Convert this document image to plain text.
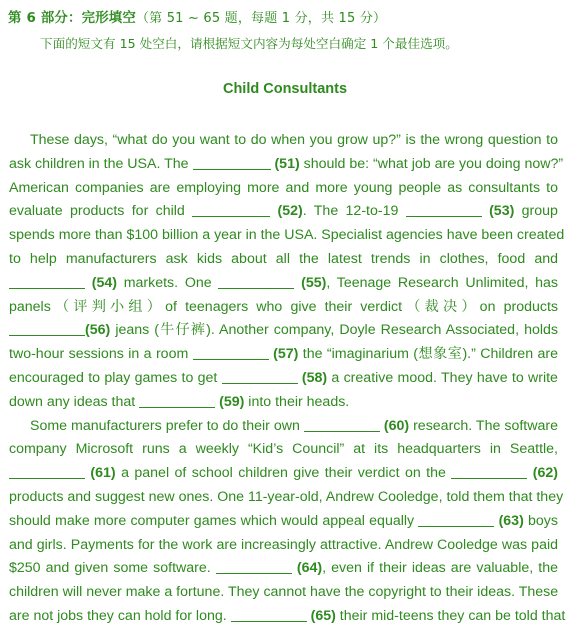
第 6 部分：完形填空（第 51 ~ 65 题，每题 1 分，共 15 分）
下面的短文有 15 处空白，请根据短文内容为每处空白确定 1 个最佳选项。
Child Consultants
These days, “what do you want to do when you grow up?” is the wrong question to
ask children in the USA. The	(51) should be: “what job are you doing now?”
American companies are employing more and more young people as consultants to
evaluate products for child	(52). The 12-to-19	(53) group
spends more than $100 billion a year in the USA. Specialist agencies have been created
to help manufacturers ask kids about all the latest trends in clothes, food and
(54) markets. One	(55), Teenage Research Unlimited, has
panels（评判小组）of teenagers who give their verdict（裁决）on products
(56) jeans (牛仔裤). Another company, Doyle Research Associated, holds
two-hour sessions in a room	(57) the “imaginarium (想象室).” Children are
encouraged to play games to get	(58) a creative mood. They have to write
down any ideas that	(59) into their heads.
Some manufacturers prefer to do their own	(60) research. The software
company Microsoft runs a weekly “Kid’s Council” at its headquarters in Seattle,
(61) a panel of school children give their verdict on the	(62)
products and suggest new ones. One 11-year-old, Andrew Cooledge, told them that they
should make more computer games which would appeal equally	(63) boys
and girls. Payments for the work are increasingly attractive. Andrew Cooledge was paid
$250 and given some software.	(64), even if their ideas are valuable, the
children will never make a fortune. They cannot have the copyright to their ideas. These
are not jobs they can hold for long.	(65) their mid-teens they can be told that
